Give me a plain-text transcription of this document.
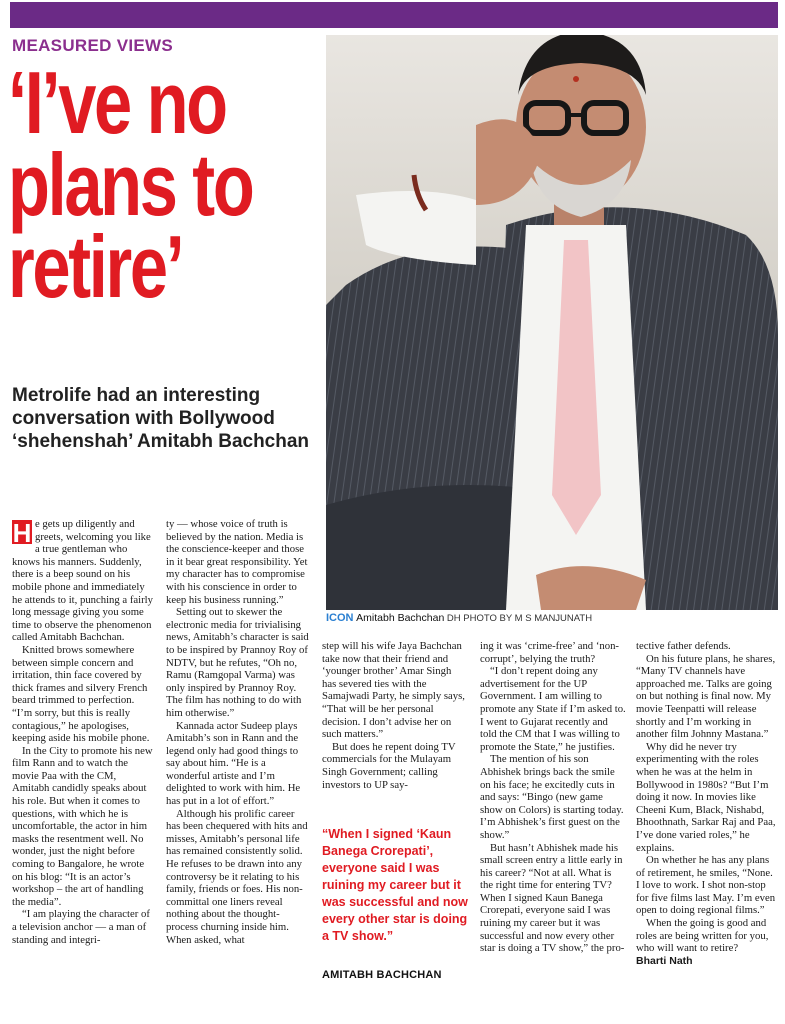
MEASURED VIEWS
‘I’ve no
plans to
retire’
Metrolife had an interesting conversation with Bollywood ‘shehenshah’ Amitabh Bachchan
ICON Amitabh Bachchan DH PHOTO BY M S MANJUNATH

H e gets up diligently and greets, welcoming you like a true gentleman who knows his manners. Suddenly, there is a beep sound on his mobile phone and immediately he attends to it, punching a fairly long message giving you some time to observe the phenomenon called Amitabh Bachchan.

Knitted brows somewhere between simple concern and irritation, thin face covered by thick frames and silvery French beard trimmed to perfection. “I’m sorry, but this is really contagious,” he apologises, keeping aside his mobile phone.

In the City to promote his new film Rann and to watch the movie Paa with the CM, Amitabh candidly speaks about his role. But when it comes to questions, with which he is uncomfortable, the actor in him masks the resentment well. No wonder, just the night before coming to Bangalore, he wrote on his blog: “It is an actor’s workshop – the art of handling the media”.

“I am playing the character of a television anchor — a man of standing and integri-

ty — whose voice of truth is believed by the nation. Media is the conscience-keeper and those in it bear great responsibility. Yet my character has to compromise with his conscience in order to keep his business running.”

Setting out to skewer the electronic media for trivialising news, Amitabh’s character is said to be inspired by Prannoy Roy of NDTV, but he refutes, “Oh no, Ramu (Ramgopal Varma) was only inspired by Prannoy Roy. The film has nothing to do with him otherwise.”

Kannada actor Sudeep plays Amitabh’s son in Rann and the legend only had good things to say about him. “He is a wonderful artiste and I’m delighted to work with him. He has put in a lot of effort.”

Although his prolific career has been chequered with hits and misses, Amitabh’s personal life has remained consistently solid. He refuses to be drawn into any controversy be it relating to his family, friends or foes. His non-committal one liners reveal nothing about the thought-process churning inside him. When asked, what

step will his wife Jaya Bachchan take now that their friend and ‘younger brother’ Amar Singh has severed ties with the Samajwadi Party, he simply says, “That will be her personal decision. I don’t advise her on such matters.”

But does he repent doing TV commercials for the Mulayam Singh Government; calling investors to UP say-

“When I signed ‘Kaun Banega Crorepati’, everyone said I was ruining my career but it was successful and now every other star is doing a TV show.”
AMITABH BACHCHAN

ing it was ‘crime-free’ and ‘non-corrupt’, belying the truth?

“I don’t repent doing any advertisement for the UP Government. I am willing to promote any State if I’m asked to. I went to Gujarat recently and told the CM that I was willing to promote the State,” he justifies.

The mention of his son Abhishek brings back the smile on his face; he excitedly cuts in and says: “Bingo (new game show on Colors) is starting today. I’m Abhishek’s first guest on the show.”

But hasn’t Abhishek made his small screen entry a little early in his career? “Not at all. What is the right time for entering TV? When I signed Kaun Banega Crorepati, everyone said I was ruining my career but it was successful and now every other star is doing a TV show,” the pro-

tective father defends.

On his future plans, he shares, “Many TV channels have approached me. Talks are going on but nothing is final now. My movie Teenpatti will release shortly and I’m working in another film Johnny Mastana.”

Why did he never try experimenting with the roles when he was at the helm in Bollywood in 1980s? “But I’m doing it now. In movies like Cheeni Kum, Black, Nishabd, Bhoothnath, Sarkar Raj and Paa, I’ve done varied roles,” he explains.

On whether he has any plans of retirement, he smiles, “None. I love to work. I shot non-stop for five films last May. I’m even open to doing regional films.”

When the going is good and roles are being written for you, who will want to retire?

Bharti Nath
